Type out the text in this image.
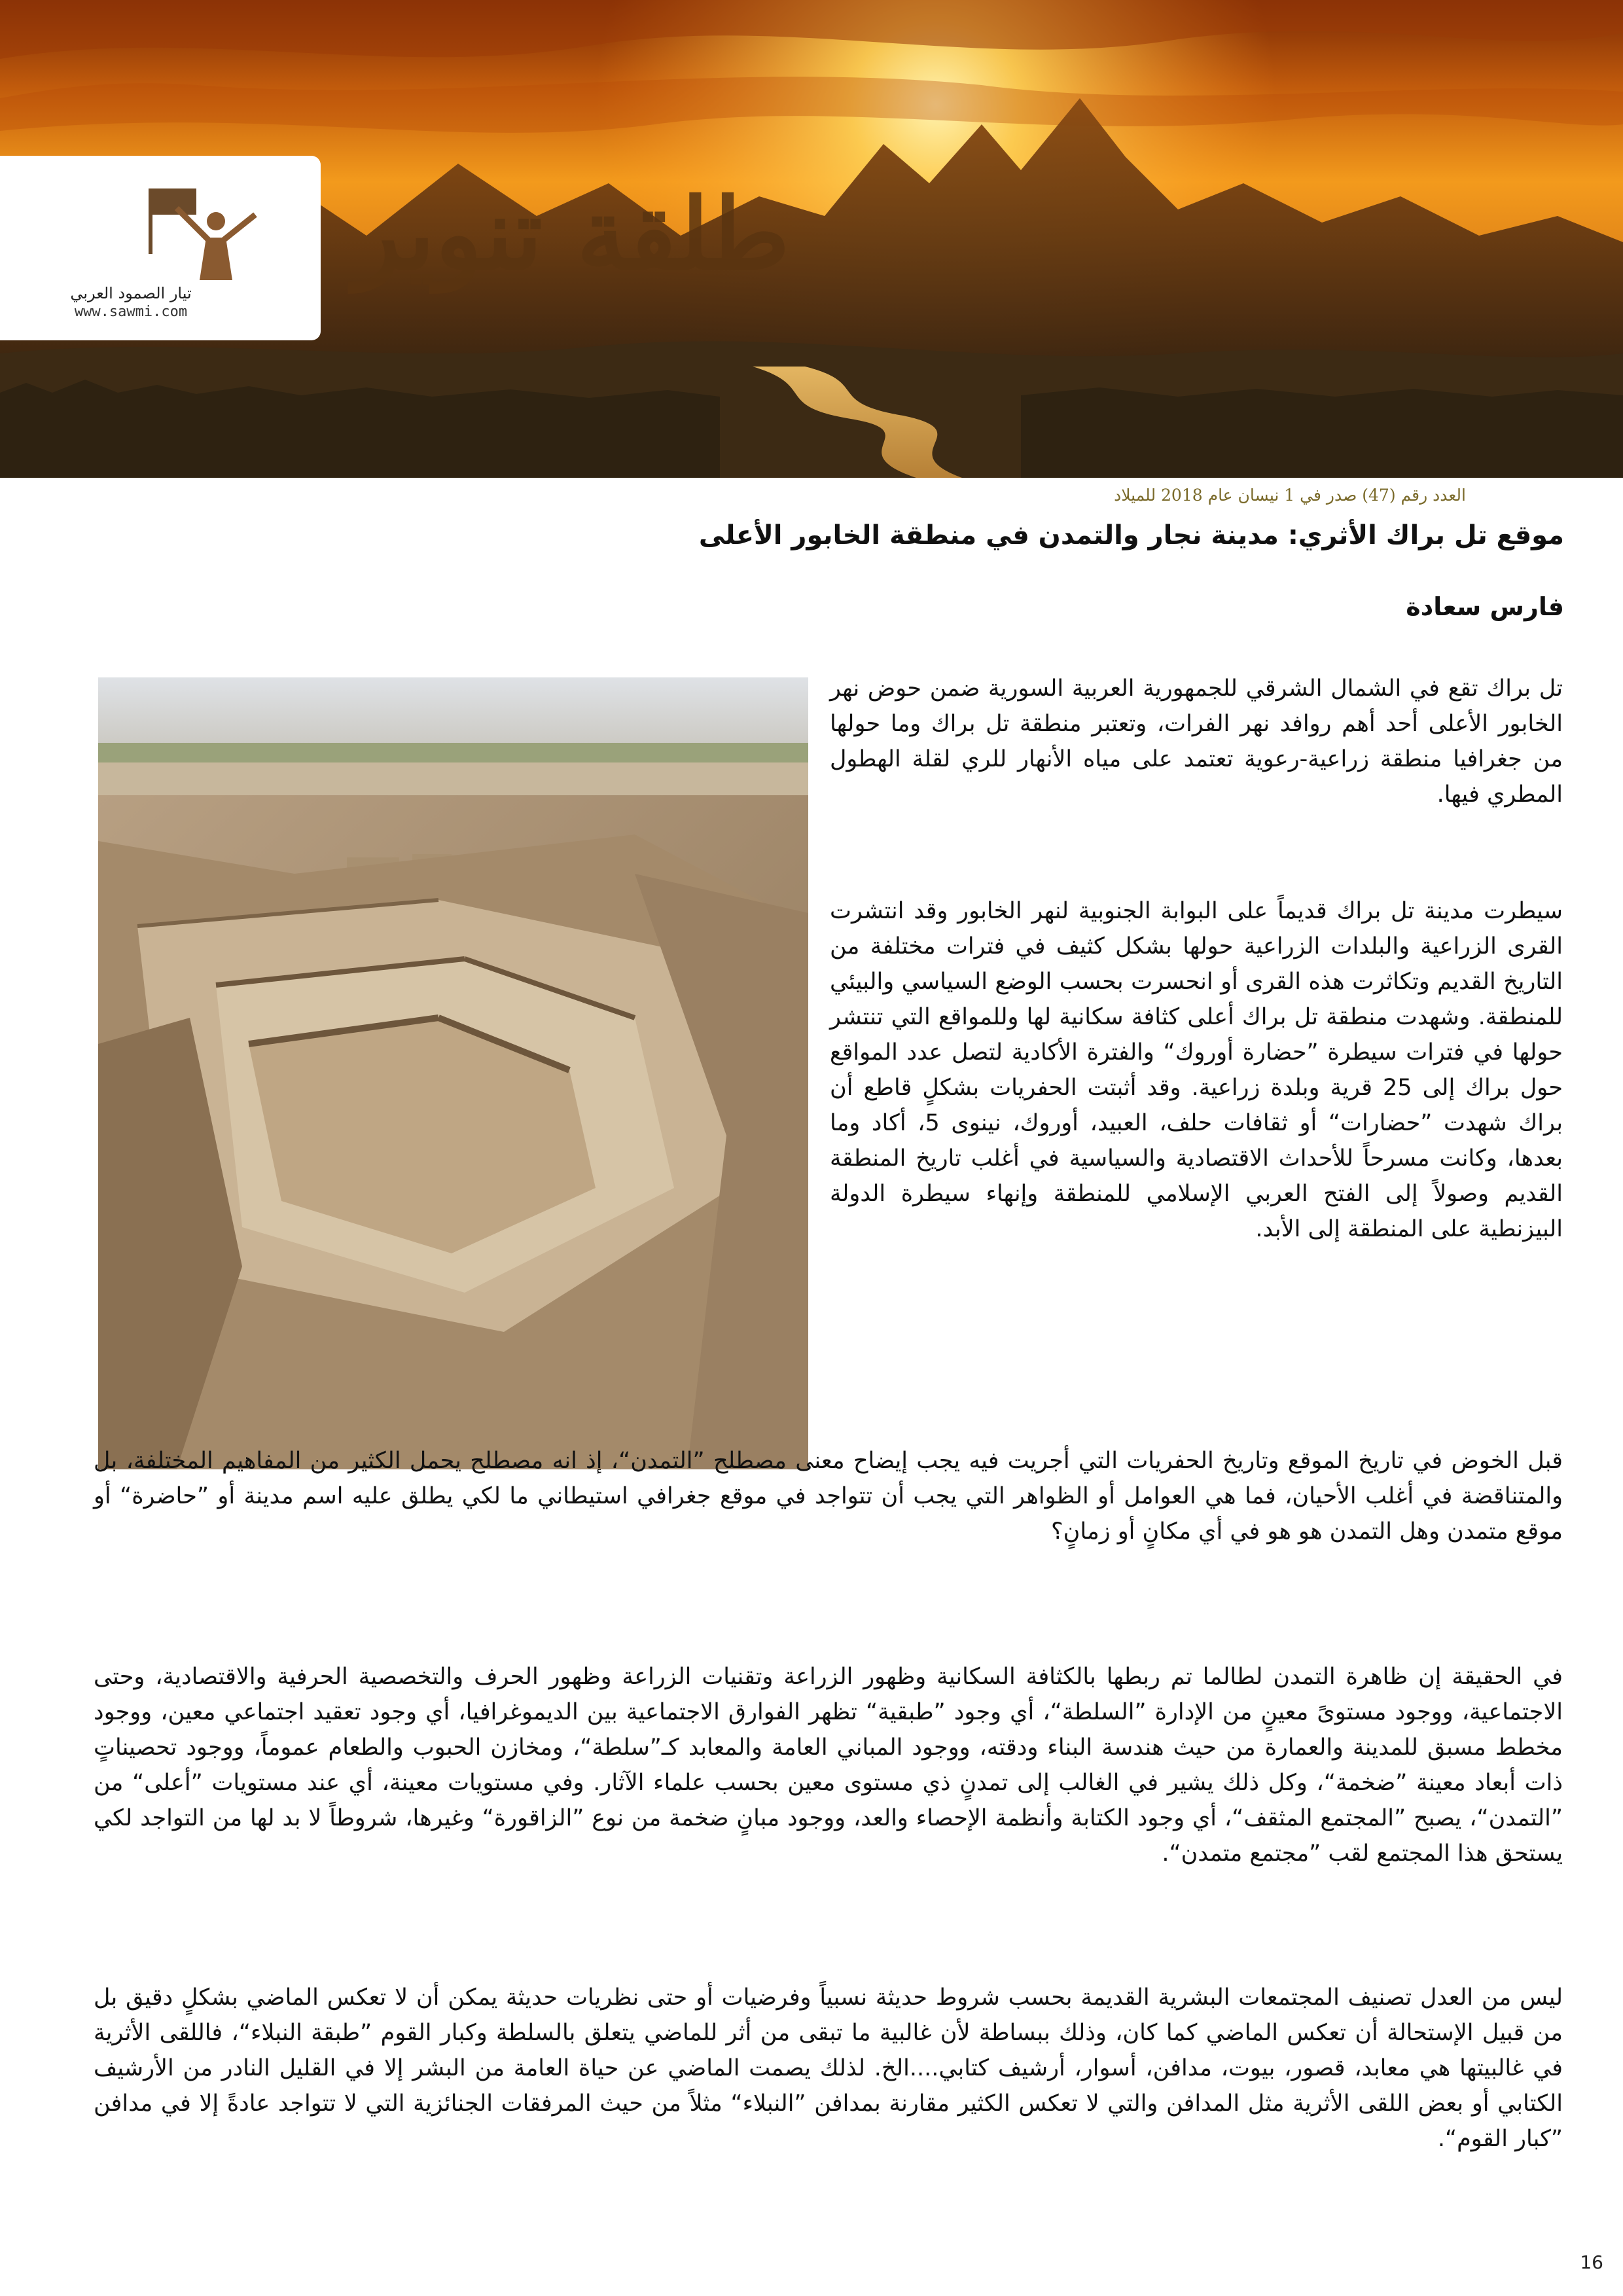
تيار الصمود العربي
www.sawmi.com
طلقة تنوير
العدد رقم (47) صدر في 1 نيسان عام 2018 للميلاد
موقع تل براك الأثري: مدينة نجار والتمدن في منطقة الخابور الأعلى
فارس سعادة
تل براك تقع في الشمال الشرقي للجمهورية العربية السورية ضمن حوض نهر الخابور الأعلى أحد أهم روافد نهر الفرات، وتعتبر منطقة تل براك وما حولها من جغرافيا منطقة زراعية-رعوية تعتمد على مياه الأنهار للري لقلة الهطول المطري فيها.
سيطرت مدينة تل براك قديماً على البوابة الجنوبية لنهر الخابور وقد انتشرت القرى الزراعية والبلدات الزراعية حولها بشكل كثيف في فترات مختلفة من التاريخ القديم وتكاثرت هذه القرى أو انحسرت بحسب الوضع السياسي والبيئي للمنطقة. وشهدت منطقة تل براك أعلى كثافة سكانية لها وللمواقع التي تنتشر حولها في فترات سيطرة ”حضارة أوروك“ والفترة الأكادية لتصل عدد المواقع حول براك إلى 25 قرية وبلدة زراعية. وقد أثبتت الحفريات بشكلٍ قاطع أن براك شهدت ”حضارات“ أو ثقافات حلف، العبيد، أوروك، نينوى 5، أكاد وما بعدها، وكانت مسرحاً للأحداث الاقتصادية والسياسية في أغلب تاريخ المنطقة القديم وصولاً إلى الفتح العربي الإسلامي للمنطقة وإنهاء سيطرة الدولة البيزنطية على المنطقة إلى الأبد.
قبل الخوض في تاريخ الموقع وتاريخ الحفريات التي أجريت فيه يجب إيضاح معنى مصطلح ”التمدن“، إذ انه مصطلح يحمل الكثير من المفاهيم المختلفة، بل والمتناقضة في أغلب الأحيان، فما هي العوامل أو الظواهر التي يجب أن تتواجد في موقع جغرافي استيطاني ما لكي يطلق عليه اسم مدينة أو ”حاضرة“ أو موقع متمدن وهل التمدن هو هو في أي مكانٍ أو زمانٍ؟
في الحقيقة إن ظاهرة التمدن لطالما تم ربطها بالكثافة السكانية وظهور الزراعة وتقنيات الزراعة وظهور الحرف والتخصصية الحرفية والاقتصادية، وحتى الاجتماعية، ووجود مستوىً معينٍ من الإدارة ”السلطة“، أي وجود ”طبقية“ تظهر الفوارق الاجتماعية بين الديموغرافيا، أي وجود تعقيد اجتماعي معين، ووجود مخطط مسبق للمدينة والعمارة من حيث هندسة البناء ودقته، ووجود المباني العامة والمعابد كـ”سلطة“، ومخازن الحبوب والطعام عموماً، ووجود تحصيناتٍ ذات أبعاد معينة ”ضخمة“، وكل ذلك يشير في الغالب إلى تمدنٍ ذي مستوى معين بحسب علماء الآثار. وفي مستويات معينة، أي عند مستويات ”أعلى“ من ”التمدن“، يصبح ”المجتمع المثقف“، أي وجود الكتابة وأنظمة الإحصاء والعد، ووجود مبانٍ ضخمة من نوع ”الزاقورة“ وغيرها، شروطاً لا بد لها من التواجد لكي يستحق هذا المجتمع لقب ”مجتمع متمدن“.
ليس من العدل تصنيف المجتمعات البشرية القديمة بحسب شروط حديثة نسبياً وفرضيات أو حتى نظريات حديثة يمكن أن لا تعكس الماضي بشكلٍ دقيق بل من قبيل الإستحالة أن تعكس الماضي كما كان، وذلك ببساطة لأن غالبية ما تبقى من أثر للماضي يتعلق بالسلطة وكبار القوم ”طبقة النبلاء“، فاللقى الأثرية في غالبيتها هي معابد، قصور، بيوت، مدافن، أسوار، أرشيف كتابي....الخ. لذلك يصمت الماضي عن حياة العامة من البشر إلا في القليل النادر من الأرشيف الكتابي أو بعض اللقى الأثرية مثل المدافن والتي لا تعكس الكثير مقارنة بمدافن ”النبلاء“ مثلاً من حيث المرفقات الجنائزية التي لا تتواجد عادةً إلا في مدافن ”كبار القوم“.
16
